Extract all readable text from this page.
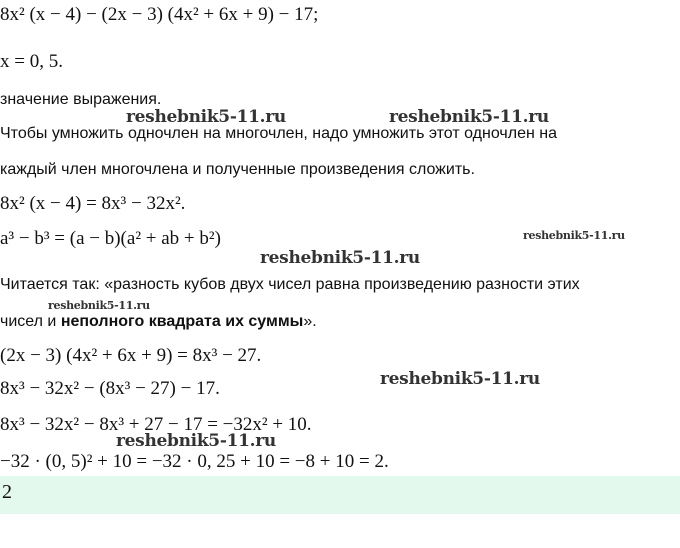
8x² (x − 4) − (2x − 3) (4x² + 6x + 9) − 17;
x = 0, 5.
значение выражения.
Чтобы умножить одночлен на многочлен, надо умножить этот одночлен на
каждый член многочлена и полученные произведения сложить.
8x² (x − 4) = 8x³ − 32x².
a³ − b³ = (a − b)(a² + ab + b²)
Читается так: «разность кубов двух чисел равна произведению разности этих
чисел и неполного квадрата их суммы».
(2x − 3) (4x² + 6x + 9) = 8x³ − 27.
8x³ − 32x² − (8x³ − 27) − 17.
8x³ − 32x² − 8x³ + 27 − 17 = −32x² + 10.
−32 · (0, 5)² + 10 = −32 · 0, 25 + 10 = −8 + 10 = 2.
2
reshebnik5-11.ru	reshebnik5-11.ru
reshebnik5-11.ru
reshebnik5-11.ru
reshebnik5-11.ru
reshebnik5-11.ru
reshebnik5-11.ru
